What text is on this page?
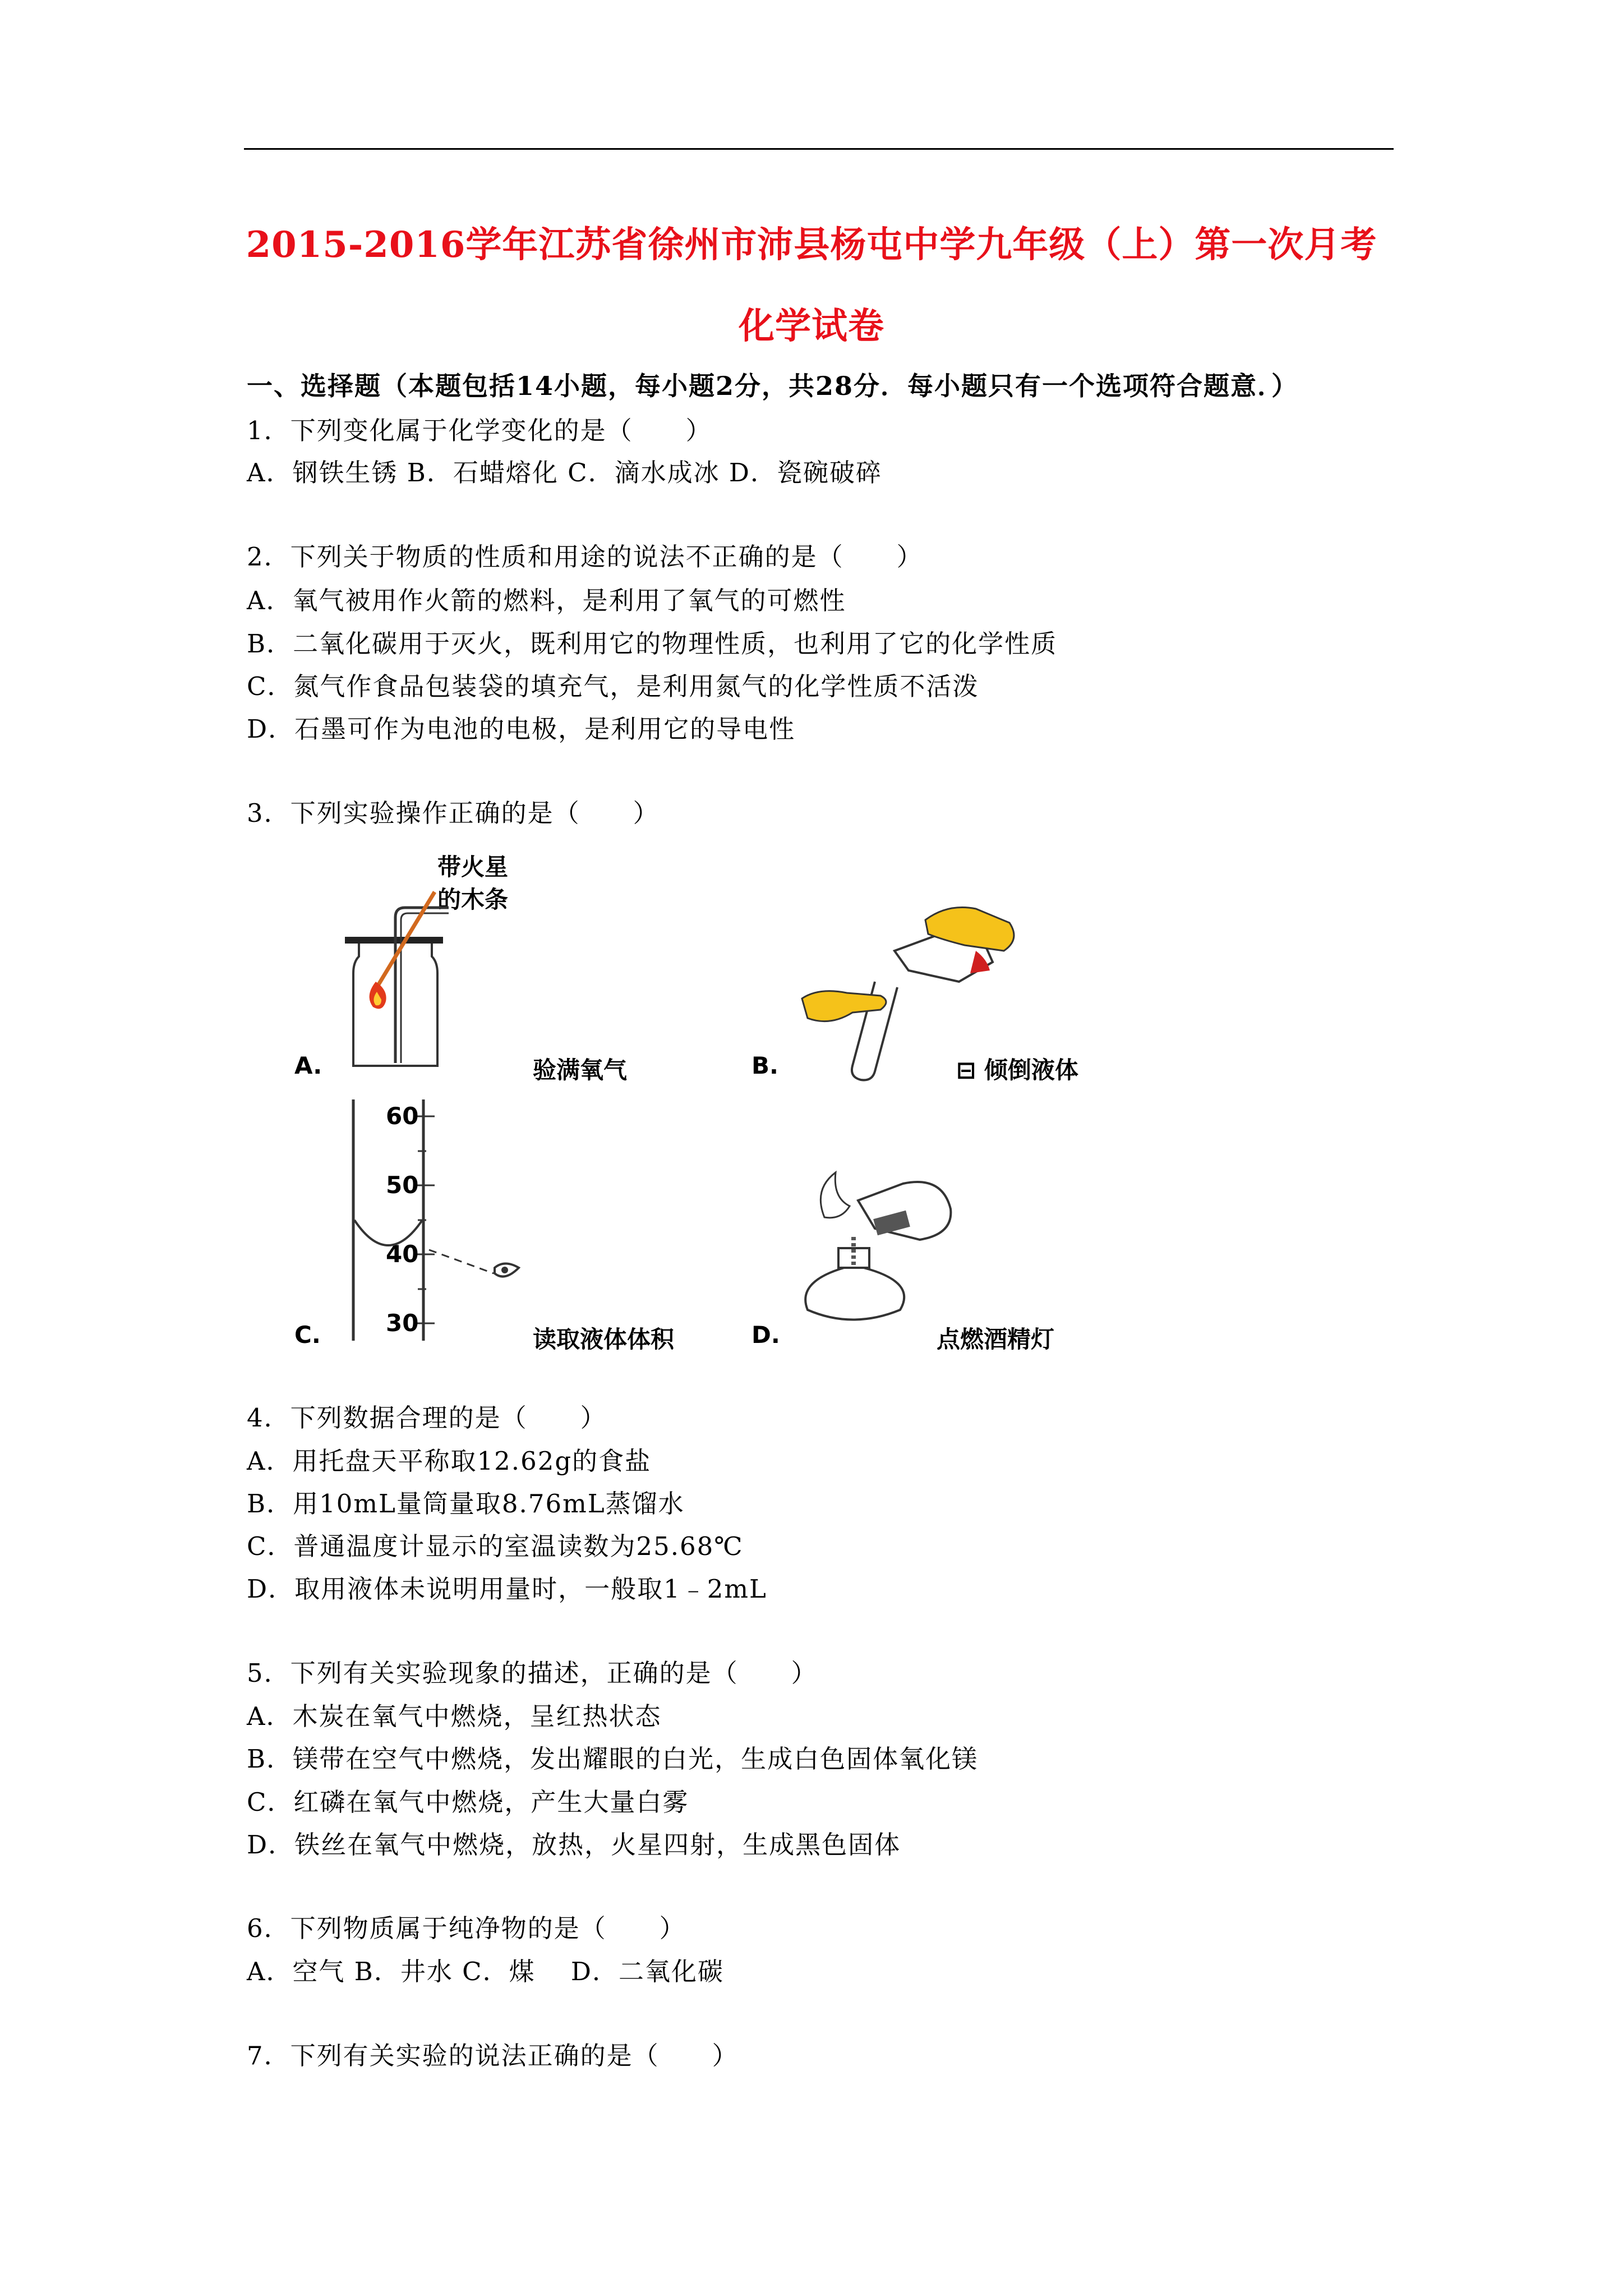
2015-2016学年江苏省徐州市沛县杨屯中学九年级（上）第一次月考
化学试卷
一、选择题（本题包括14小题，每小题2分，共28分．每小题只有一个选项符合题意．）
1．下列变化属于化学变化的是（　　）
A．钢铁生锈 B．石蜡熔化 C．滴水成冰 D．瓷碗破碎
2．下列关于物质的性质和用途的说法不正确的是（　　）
A．氧气被用作火箭的燃料，是利用了氧气的可燃性
B．二氧化碳用于灭火，既利用它的物理性质，也利用了它的化学性质
C．氮气作食品包装袋的填充气，是利用氮气的化学性质不活泼
D．石墨可作为电池的电极，是利用它的导电性
3．下列实验操作正确的是（　　）
带火星
的木条
A.	验满氧气	B.	⊟ 倾倒液体
60
50
40
30
C.	读取液体体积	D.	点燃酒精灯
4．下列数据合理的是（　　）
A．用托盘天平称取12.62g的食盐
B．用10mL量筒量取8.76mL蒸馏水
C．普通温度计显示的室温读数为25.68℃
D．取用液体未说明用量时，一般取1﹣2mL
5．下列有关实验现象的描述，正确的是（　　）
A．木炭在氧气中燃烧，呈红热状态
B．镁带在空气中燃烧，发出耀眼的白光，生成白色固体氧化镁
C．红磷在氧气中燃烧，产生大量白雾
D．铁丝在氧气中燃烧，放热，火星四射，生成黑色固体
6．下列物质属于纯净物的是（　　）
A．空气 B．井水 C．煤　 D．二氧化碳
7．下列有关实验的说法正确的是（　　）
